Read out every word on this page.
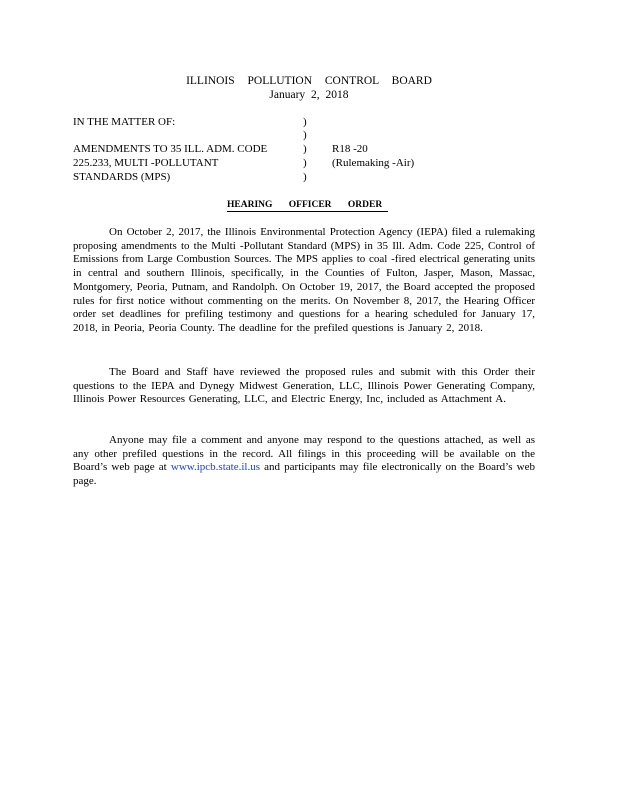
ILLINOIS POLLUTION CONTROL BOARD
January 2, 2018
IN THE MATTER OF:
AMENDMENTS TO 35 ILL. ADM. CODE
225.233, MULTI -POLLUTANT
STANDARDS (MPS)
)
)
)
)
)
R18 -20
(Rulemaking -Air)
HEARING OFFICER ORDER
On October 2, 2017, the Illinois Environmental Protection Agency (IEPA) filed a rulemaking proposing amendments to the Multi -Pollutant Standard (MPS) in 35 Ill. Adm. Code 225, Control of Emissions from Large Combustion Sources. The MPS applies to coal -fired electrical generating units in central and southern Illinois, specifically, in the Counties of Fulton, Jasper, Mason, Massac, Montgomery, Peoria, Putnam, and Randolph. On October 19, 2017, the Board accepted the proposed rules for first notice without commenting on the merits. On November 8, 2017, the Hearing Officer order set deadlines for prefiling testimony and questions for a hearing scheduled for January 17, 2018, in Peoria, Peoria County. The deadline for the prefiled questions is January 2, 2018.
The Board and Staff have reviewed the proposed rules and submit with this Order their questions to the IEPA and Dynegy Midwest Generation, LLC, Illinois Power Generating Company, Illinois Power Resources Generating, LLC, and Electric Energy, Inc, included as Attachment A.
Anyone may file a comment and anyone may respond to the questions attached, as well as any other prefiled questions in the record. All filings in this proceeding will be available on the Board’s web page at www.ipcb.state.il.us and participants may file electronically on the Board’s web page.
